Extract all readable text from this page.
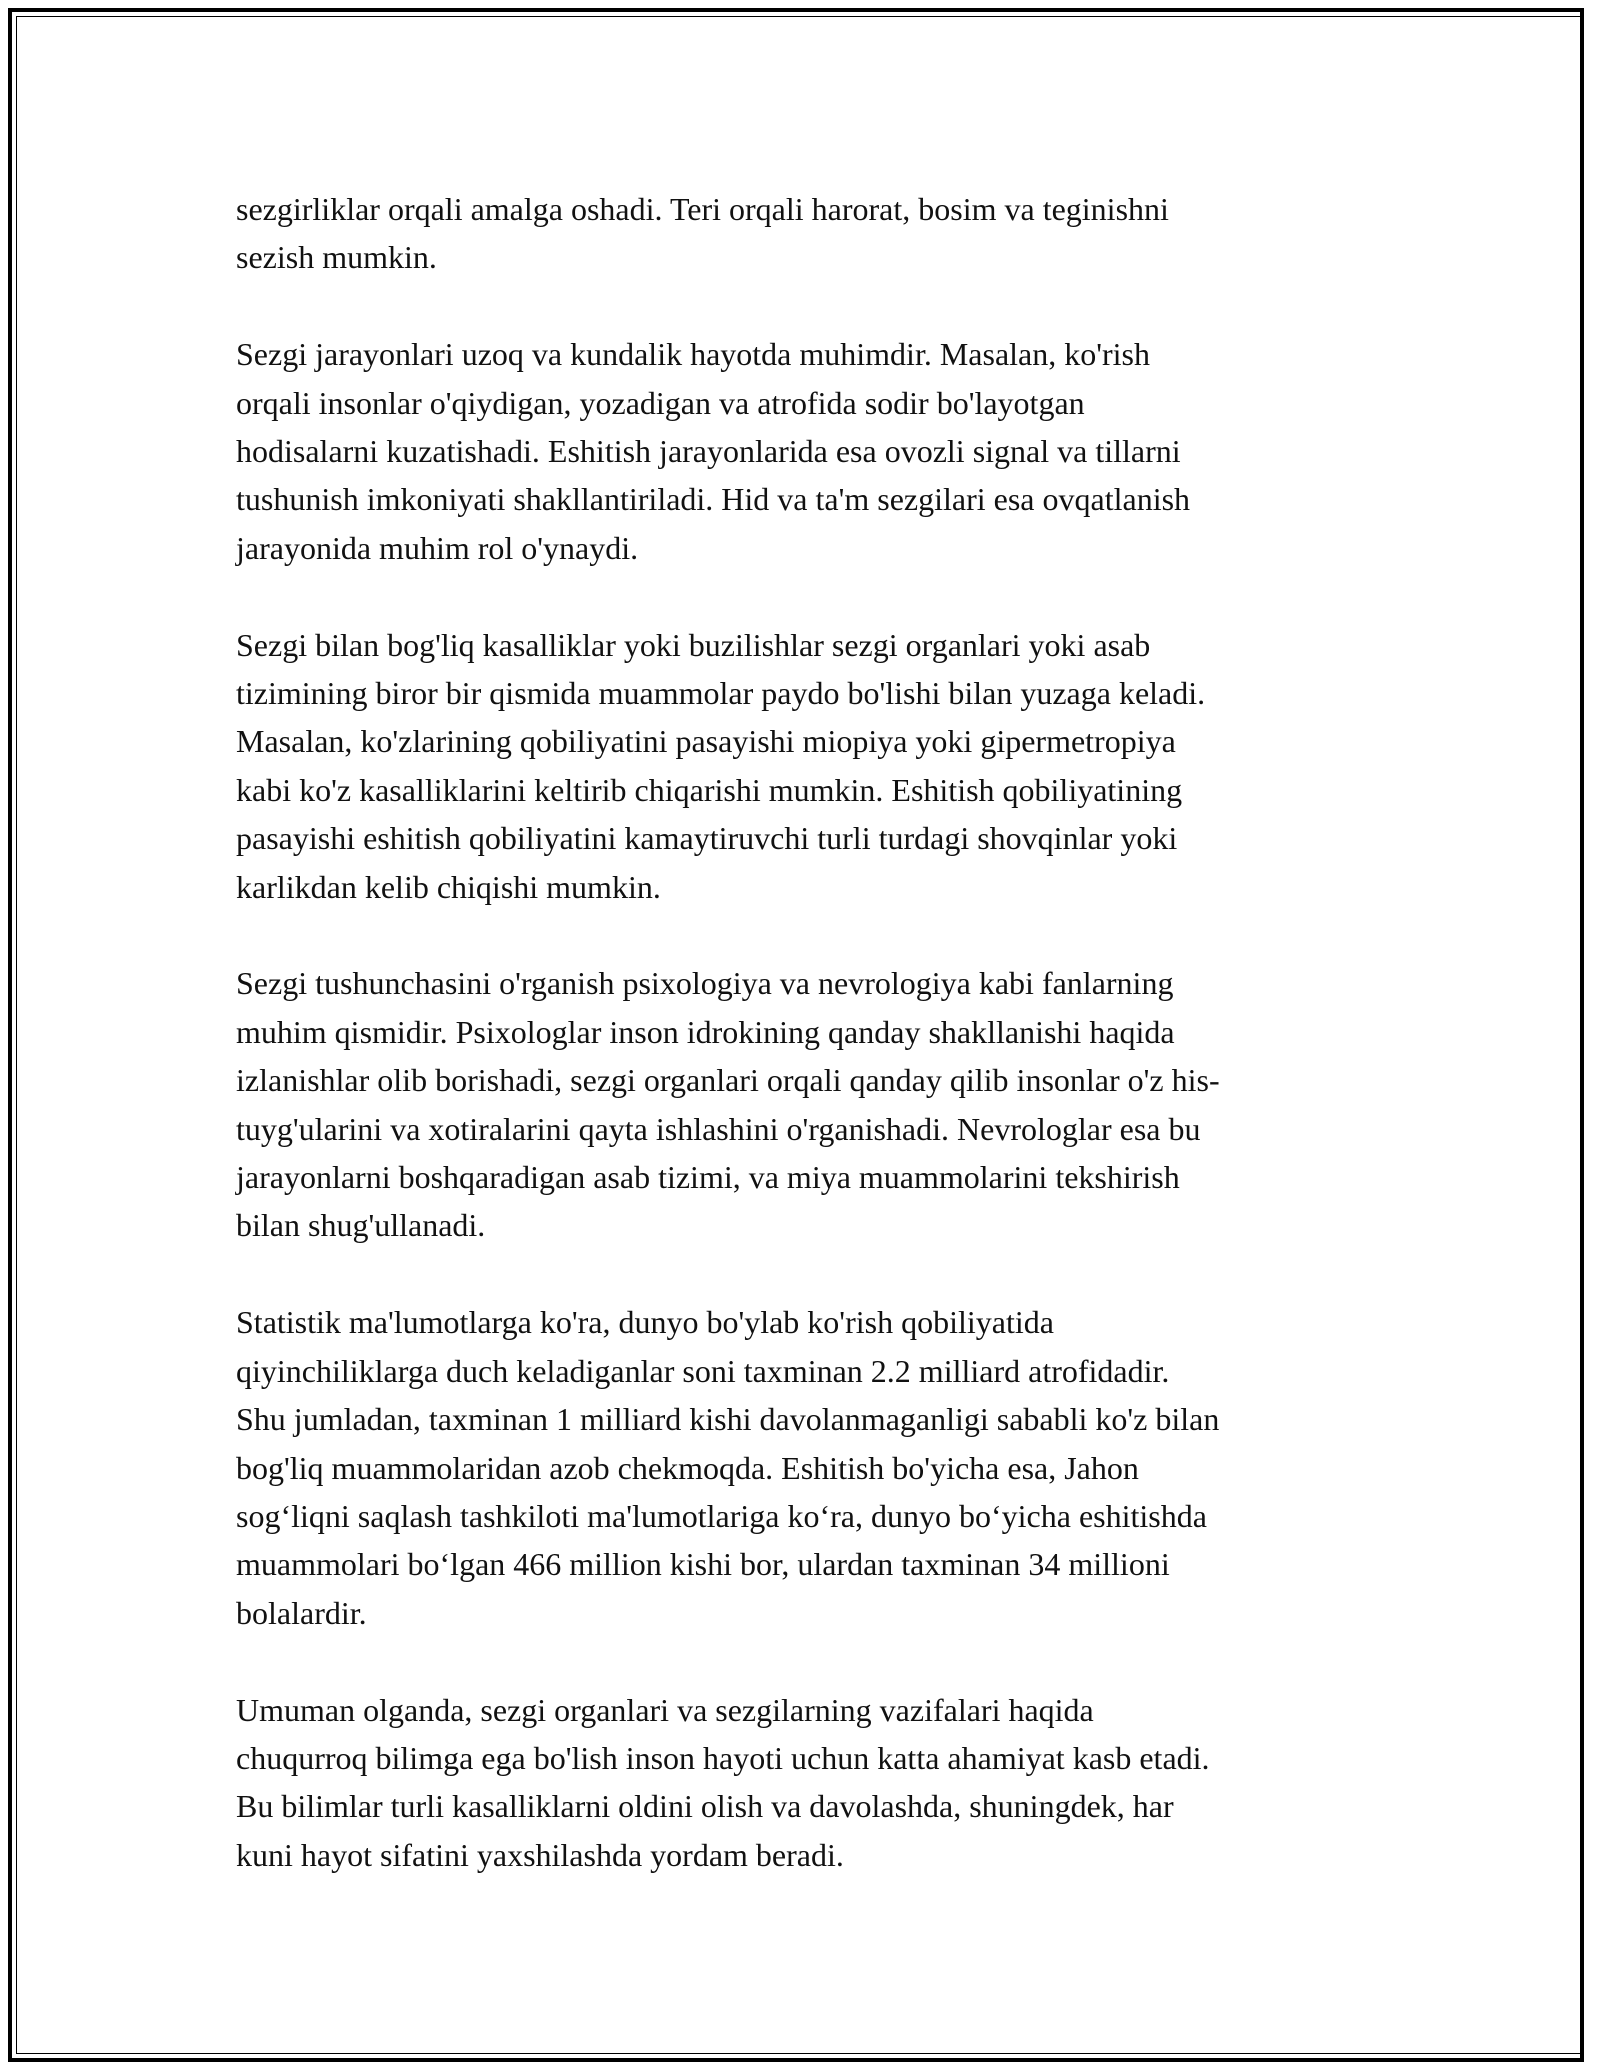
sezgirliklar orqali amalga oshadi. Teri orqali harorat, bosim va teginishni
sezish mumkin.

Sezgi jarayonlari uzoq va kundalik hayotda muhimdir. Masalan, ko'rish
orqali insonlar o'qiydigan, yozadigan va atrofida sodir bo'layotgan
hodisalarni kuzatishadi. Eshitish jarayonlarida esa ovozli signal va tillarni
tushunish imkoniyati shakllantiriladi. Hid va ta'm sezgilari esa ovqatlanish
jarayonida muhim rol o'ynaydi.

Sezgi bilan bog'liq kasalliklar yoki buzilishlar sezgi organlari yoki asab
tizimining biror bir qismida muammolar paydo bo'lishi bilan yuzaga keladi.
Masalan, ko'zlarining qobiliyatini pasayishi miopiya yoki gipermetropiya
kabi ko'z kasalliklarini keltirib chiqarishi mumkin. Eshitish qobiliyatining
pasayishi eshitish qobiliyatini kamaytiruvchi turli turdagi shovqinlar yoki
karlikdan kelib chiqishi mumkin.

Sezgi tushunchasini o'rganish psixologiya va nevrologiya kabi fanlarning
muhim qismidir. Psixologlar inson idrokining qanday shakllanishi haqida
izlanishlar olib borishadi, sezgi organlari orqali qanday qilib insonlar o'z his-
tuyg'ularini va xotiralarini qayta ishlashini o'rganishadi. Nevrologlar esa bu
jarayonlarni boshqaradigan asab tizimi, va miya muammolarini tekshirish
bilan shug'ullanadi.

Statistik ma'lumotlarga ko'ra, dunyo bo'ylab ko'rish qobiliyatida
qiyinchiliklarga duch keladiganlar soni taxminan 2.2 milliard atrofidadir.
Shu jumladan, taxminan 1 milliard kishi davolanmaganligi sababli ko'z bilan
bog'liq muammolaridan azob chekmoqda. Eshitish bo'yicha esa, Jahon
sog‘liqni saqlash tashkiloti ma'lumotlariga ko‘ra, dunyo bo‘yicha eshitishda
muammolari bo‘lgan 466 million kishi bor, ulardan taxminan 34 millioni
bolalardir.

Umuman olganda, sezgi organlari va sezgilarning vazifalari haqida
chuqurroq bilimga ega bo'lish inson hayoti uchun katta ahamiyat kasb etadi.
Bu bilimlar turli kasalliklarni oldini olish va davolashda, shuningdek, har
kuni hayot sifatini yaxshilashda yordam beradi.
